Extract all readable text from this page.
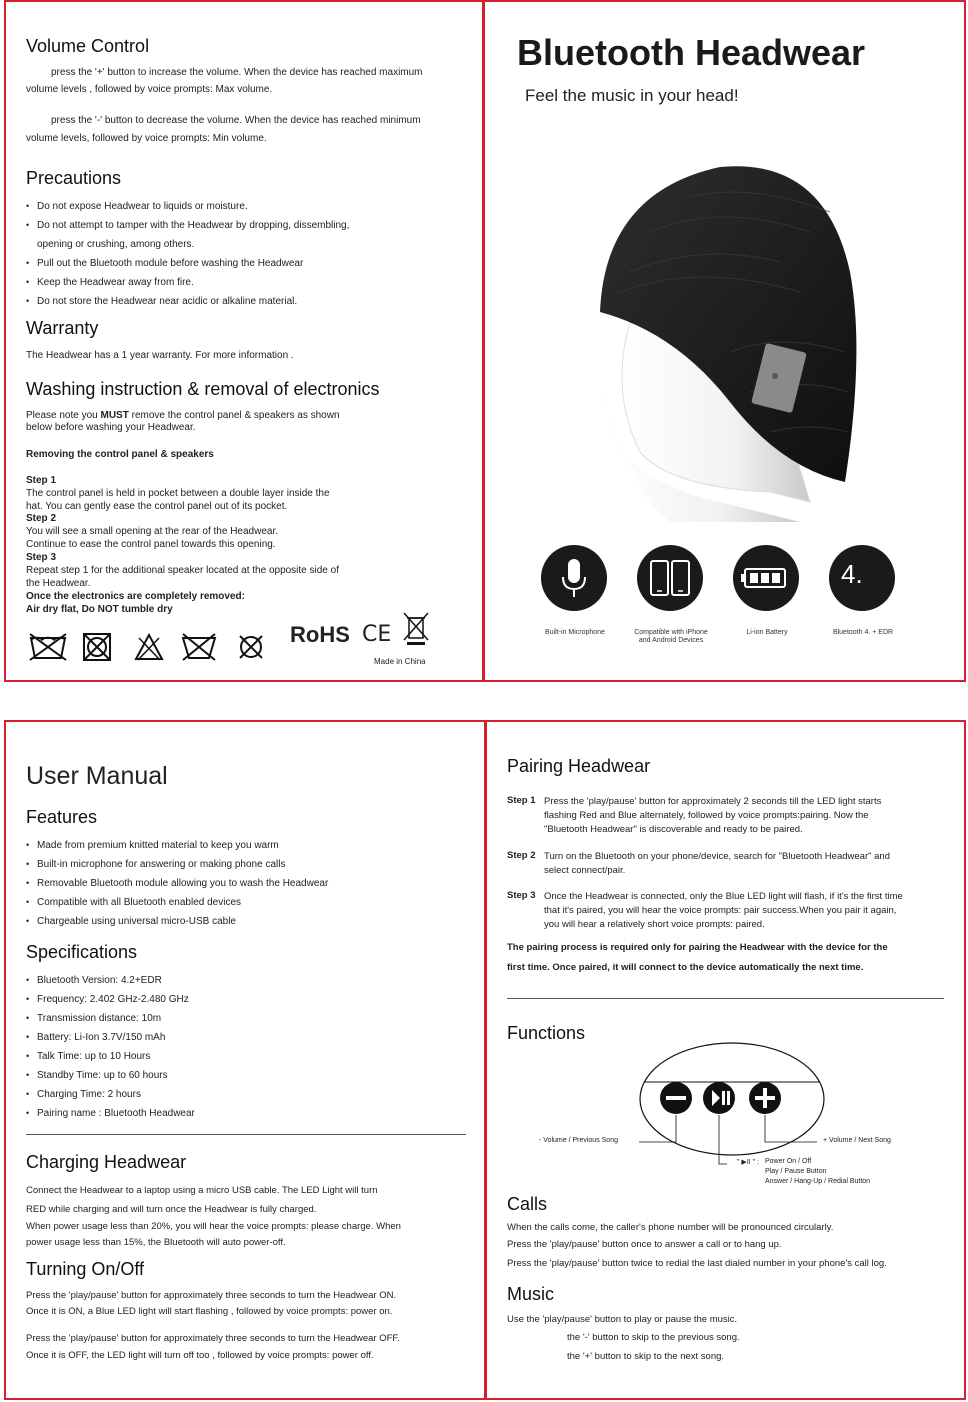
Volume Control

press the '+' button to increase the volume. When the device has reached maximum

volume levels , followed by voice prompts: Max volume.

press the '-' button to decrease the volume. When the device has reached minimum

volume levels, followed by voice prompts: Min volume.

Precautions
• Do not expose Headwear to liquids or moisture.
• Do not attempt to tamper with the Headwear by dropping, dissembling,
opening or crushing, among others.
• Pull out the Bluetooth module before washing the Headwear
• Keep the Headwear away from fire.
• Do not store the Headwear near acidic or alkaline material.
Warranty

The Headwear has a 1 year warranty. For more information .

Washing instruction & removal of electronics

Please note you MUST remove the control panel & speakers as shown

below before washing your Headwear.

Removing the control panel & speakers

Step 1

The control panel is held in pocket between a double layer inside the

hat. You can gently ease the control panel out of its pocket.

Step 2

You will see a small opening at the rear of the Headwear.

Continue to ease the control panel towards this opening.

Step 3

Repeat step 1 for the additional speaker located at the opposite side of

the Headwear.

Once the electronics are completely removed:

Air dry flat, Do NOT tumble dry

RoHS CE
Made in China
Bluetooth Headwear
Feel the music in your head!
4.
Built-in Microphone	Compatible with iPhone
and Android Devices
Li-ion Battery	Bluetooth 4. + EDR
User Manual
Features
• Made from premium knitted material to keep you warm
• Built-in microphone for answering or making phone calls
• Removable Bluetooth module allowing you to wash the Headwear
• Compatible with all Bluetooth enabled devices
• Chargeable using universal micro-USB cable
Specifications
• Bluetooth Version: 4.2+EDR
• Frequency: 2.402 GHz-2.480 GHz
• Transmission distance: 10m
• Battery: Li-Ion 3.7V/150 mAh
• Talk Time: up to 10 Hours
• Standby Time: up to 60 hours
• Charging Time: 2 hours
• Pairing name : Bluetooth Headwear
Charging Headwear

Connect the Headwear to a laptop using a micro USB cable. The LED Light will turn

RED while charging and will turn once the Headwear is fully charged.

When power usage less than 20%, you will hear the voice prompts: please charge. When

power usage less than 15%, the Bluetooth will auto power-off.

Turning On/Off

Press the 'play/pause' button for approximately three seconds to turn the Headwear ON.

Once it is ON, a Blue LED light will start flashing , followed by voice prompts: power on.

Press the 'play/pause' button for approximately three seconds to turn the Headwear OFF.

Once it is OFF, the LED light will turn off too , followed by voice prompts: power off.

Pairing Headwear
Step 1 Press the 'play/pause' button for approximately 2 seconds till the LED light starts

flashing Red and Blue alternately, followed by voice prompts:pairing. Now the

"Bluetooth Headwear" is discoverable and ready to be paired.

Step 2 Turn on the Bluetooth on your phone/device, search for "Bluetooth Headwear" and

select connect/pair.

Step 3 Once the Headwear is connected, only the Blue LED light will flash, if it's the first time

that it's paired, you will hear the voice prompts: pair success.When you pair it again,

you will hear a relatively short voice prompts: paired.

The pairing process is required only for pairing the Headwear with the device for the

first time. Once paired, it will connect to the device automatically the next time.

Functions
- Volume / Previous Song	+ Volume / Next Song
" ▶II " : Power On / Off
Play / Pause Button
Answer / Hang-Up / Redial Button
Calls

When the calls come, the caller's phone number will be pronounced circularly.

Press the 'play/pause' button once to answer a call or to hang up.

Press the 'play/pause' button twice to redial the last dialed number in your phone's call log.

Music

Use the 'play/pause' button to play or pause the music.

the '-' button to skip to the previous song.

the '+' button to skip to the next song.
